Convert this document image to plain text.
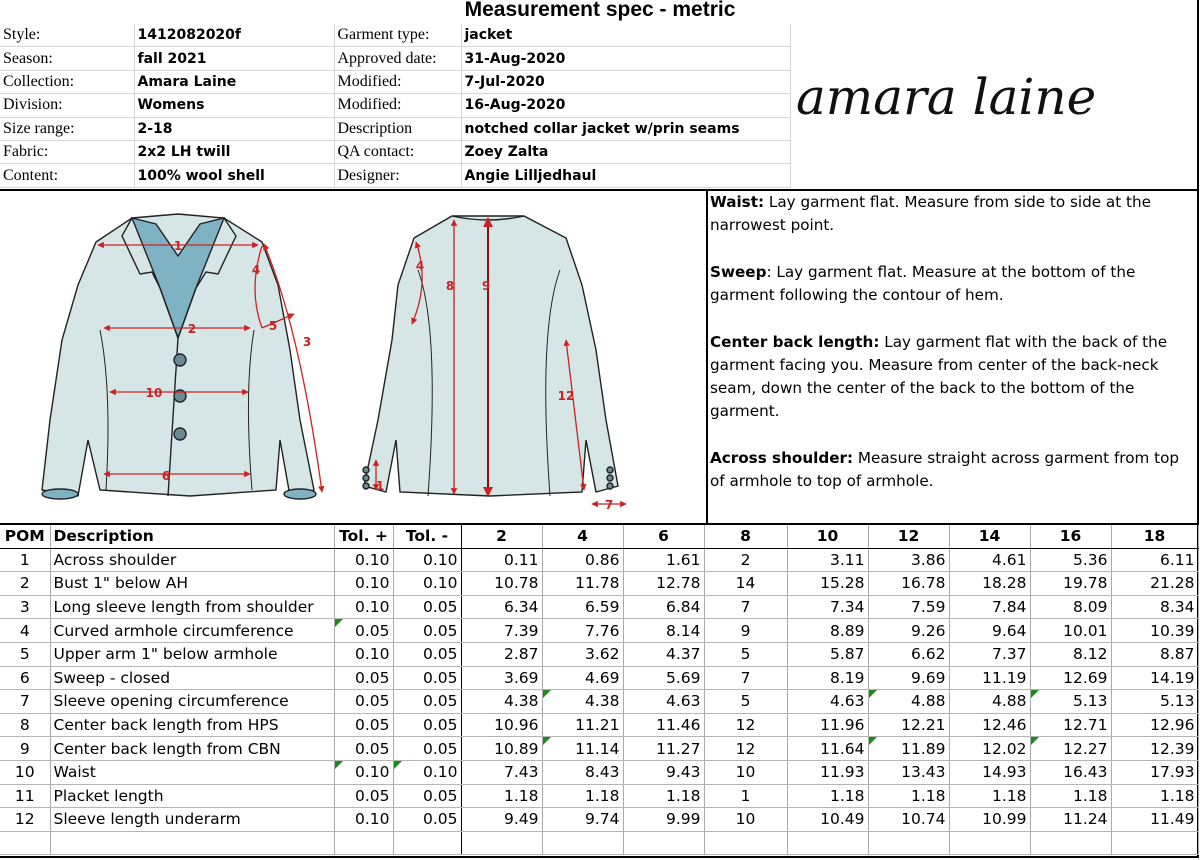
Measurement spec - metric
Style:	1412082020f	Garment type:	jacket
Season:	fall 2021	Approved date:	31-Aug-2020
Collection:	Amara Laine	Modified:	7-Jul-2020
Division:	Womens	Modified:	16-Aug-2020
Size range:	2-18	Description	notched collar jacket w/prin seams
Fabric:	2x2 LH twill	QA contact:	Zoey Zalta
Content:	100% wool shell	Designer:	Angie Lilljedhaul
amara laine
1
2
3
4
5
6
10
8 9
4
12
7
1

Waist: Lay garment flat. Measure from side to side at the narrowest point.

Sweep: Lay garment flat. Measure at the bottom of the garment following the contour of hem.

Center back length: Lay garment flat with the back of the garment facing you. Measure from center of the back-neck seam, down the center of the back to the bottom of the garment.

Across shoulder: Measure straight across garment from top of armhole to top of armhole.

POM	Description	Tol. +	Tol. -	2	4	6	8	10	12	14	16	18
1	Across shoulder	0.10	0.10	0.11	0.86	1.61	2	3.11	3.86	4.61	5.36	6.11
2	Bust 1" below AH	0.10	0.10	10.78	11.78	12.78	14	15.28	16.78	18.28	19.78	21.28
3	Long sleeve length from shoulder	0.10	0.05	6.34	6.59	6.84	7	7.34	7.59	7.84	8.09	8.34
4	Curved armhole circumference	0.05	0.05	7.39	7.76	8.14	9	8.89	9.26	9.64	10.01	10.39
5	Upper arm 1" below armhole	0.10	0.05	2.87	3.62	4.37	5	5.87	6.62	7.37	8.12	8.87
6	Sweep - closed	0.05	0.05	3.69	4.69	5.69	7	8.19	9.69	11.19	12.69	14.19
7	Sleeve opening circumference	0.05	0.05	4.38	4.38	4.63	5	4.63	4.88	4.88	5.13	5.13
8	Center back length from HPS	0.05	0.05	10.96	11.21	11.46	12	11.96	12.21	12.46	12.71	12.96
9	Center back length from CBN	0.05	0.05	10.89	11.14	11.27	12	11.64	11.89	12.02	12.27	12.39
10	Waist	0.10	0.10	7.43	8.43	9.43	10	11.93	13.43	14.93	16.43	17.93
11	Placket length	0.05	0.05	1.18	1.18	1.18	1	1.18	1.18	1.18	1.18	1.18
12	Sleeve length underarm	0.10	0.05	9.49	9.74	9.99	10	10.49	10.74	10.99	11.24	11.49
